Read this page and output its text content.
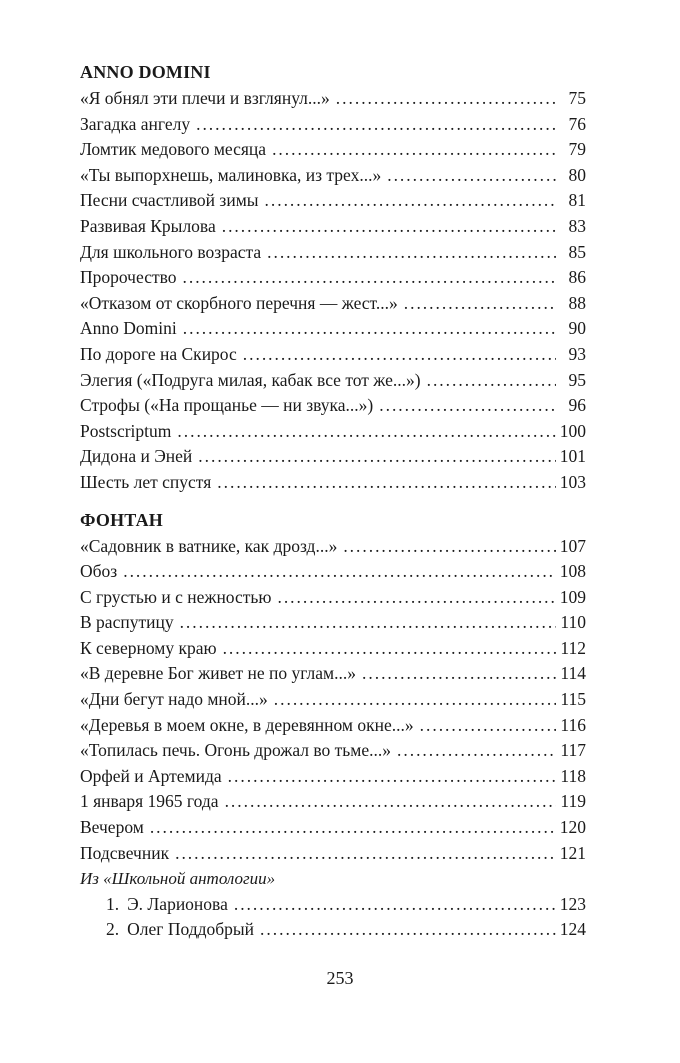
ANNO DOMINI
«Я обнял эти плечи и взглянул...» . . .	75
Загадка ангелу . . .	76
Ломтик медового месяца . . .	79
«Ты выпорхнешь, малиновка, из трех...» . . .	80
Песни счастливой зимы . . .	81
Развивая Крылова . . .	83
Для школьного возраста . . .	85
Пророчество . . .	86
«Отказом от скорбного перечня — жест...» . . .	88
Anno Domini . . .	90
По дороге на Скирос . . .	93
Элегия («Подруга милая, кабак все тот же...») . . .	95
Строфы («На прощанье — ни звука...») . . .	96
Postscriptum . . .	100
Дидона и Эней . . .	101
Шесть лет спустя . . .	103
ФОНТАН
«Садовник в ватнике, как дрозд...» . . .	107
Обоз . . .	108
С грустью и с нежностью . . .	109
В распутицу . . .	110
К северному краю . . .	112
«В деревне Бог живет не по углам...» . . .	114
«Дни бегут надо мной...» . . .	115
«Деревья в моем окне, в деревянном окне...» . . .	116
«Топилась печь. Огонь дрожал во тьме...» . . .	117
Орфей и Артемида . . .	118
1 января 1965 года . . .	119
Вечером . . .	120
Подсвечник . . .	121
Из «Школьной антологии»
1. Э. Ларионова . . .	123
2. Олег Поддобрый . . .	124
253
